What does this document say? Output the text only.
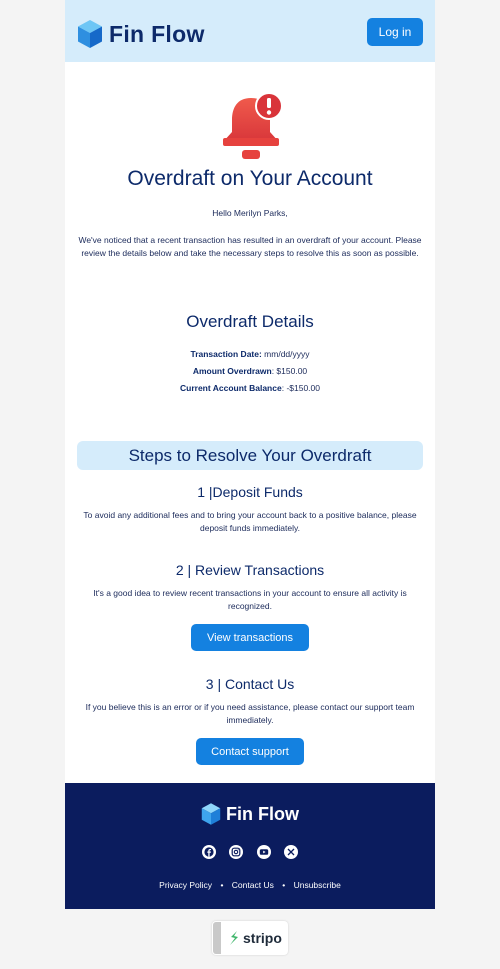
Fin Flow	Log in
Overdraft on Your Account
Hello Merilyn Parks,
We've noticed that a recent transaction has resulted in an overdraft of your account. Please review the details below and take the necessary steps to resolve this as soon as possible.
Overdraft Details
Transaction Date: mm/dd/yyyy
Amount Overdrawn: $150.00
Current Account Balance: -$150.00
Steps to Resolve Your Overdraft
1 |Deposit Funds
To avoid any additional fees and to bring your account back to a positive balance, please deposit funds immediately.
2 | Review Transactions
It's a good idea to review recent transactions in your account to ensure all activity is recognized.
View transactions
3 | Contact Us
If you believe this is an error or if you need assistance, please contact our support team immediately.
Contact support
Fin Flow
Privacy Policy • Contact Us • Unsubscribe
stripo
